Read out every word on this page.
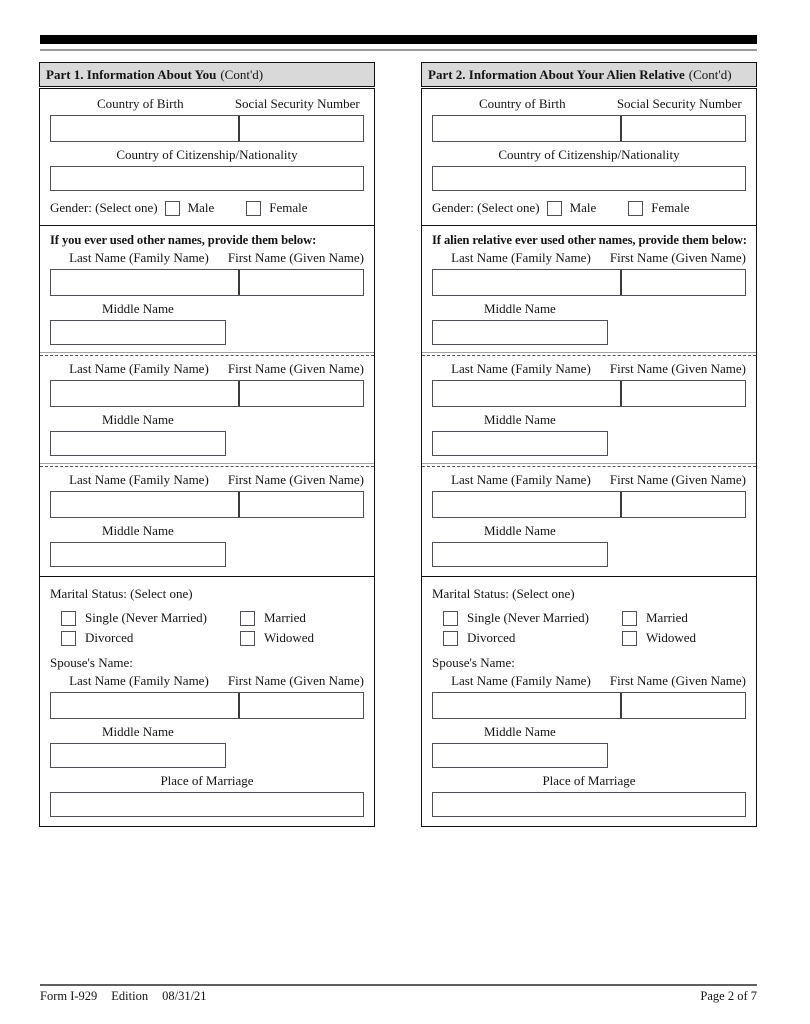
Part 1. Information About You (Cont'd)
Country of Birth	Social Security Number
Country of Citizenship/Nationality
Gender: (Select one) Male	Female
If you ever used other names, provide them below:
Last Name (Family Name)	First Name (Given Name)
Middle Name
Last Name (Family Name)	First Name (Given Name)
Middle Name
Last Name (Family Name)	First Name (Given Name)
Middle Name
Marital Status: (Select one)
Single (Never Married)	Married
Divorced	Widowed
Spouse's Name:
Last Name (Family Name)	First Name (Given Name)
Middle Name
Place of Marriage
Part 2. Information About Your Alien Relative (Cont'd)
Country of Birth	Social Security Number
Country of Citizenship/Nationality
Gender: (Select one) Male	Female
If alien relative ever used other names, provide them below:
Last Name (Family Name)	First Name (Given Name)
Middle Name
Last Name (Family Name)	First Name (Given Name)
Middle Name
Last Name (Family Name)	First Name (Given Name)
Middle Name
Marital Status: (Select one)
Single (Never Married)	Married
Divorced	Widowed
Spouse's Name:
Last Name (Family Name)	First Name (Given Name)
Middle Name
Place of Marriage
Form I-929 Edition 08/31/21	Page 2 of 7
